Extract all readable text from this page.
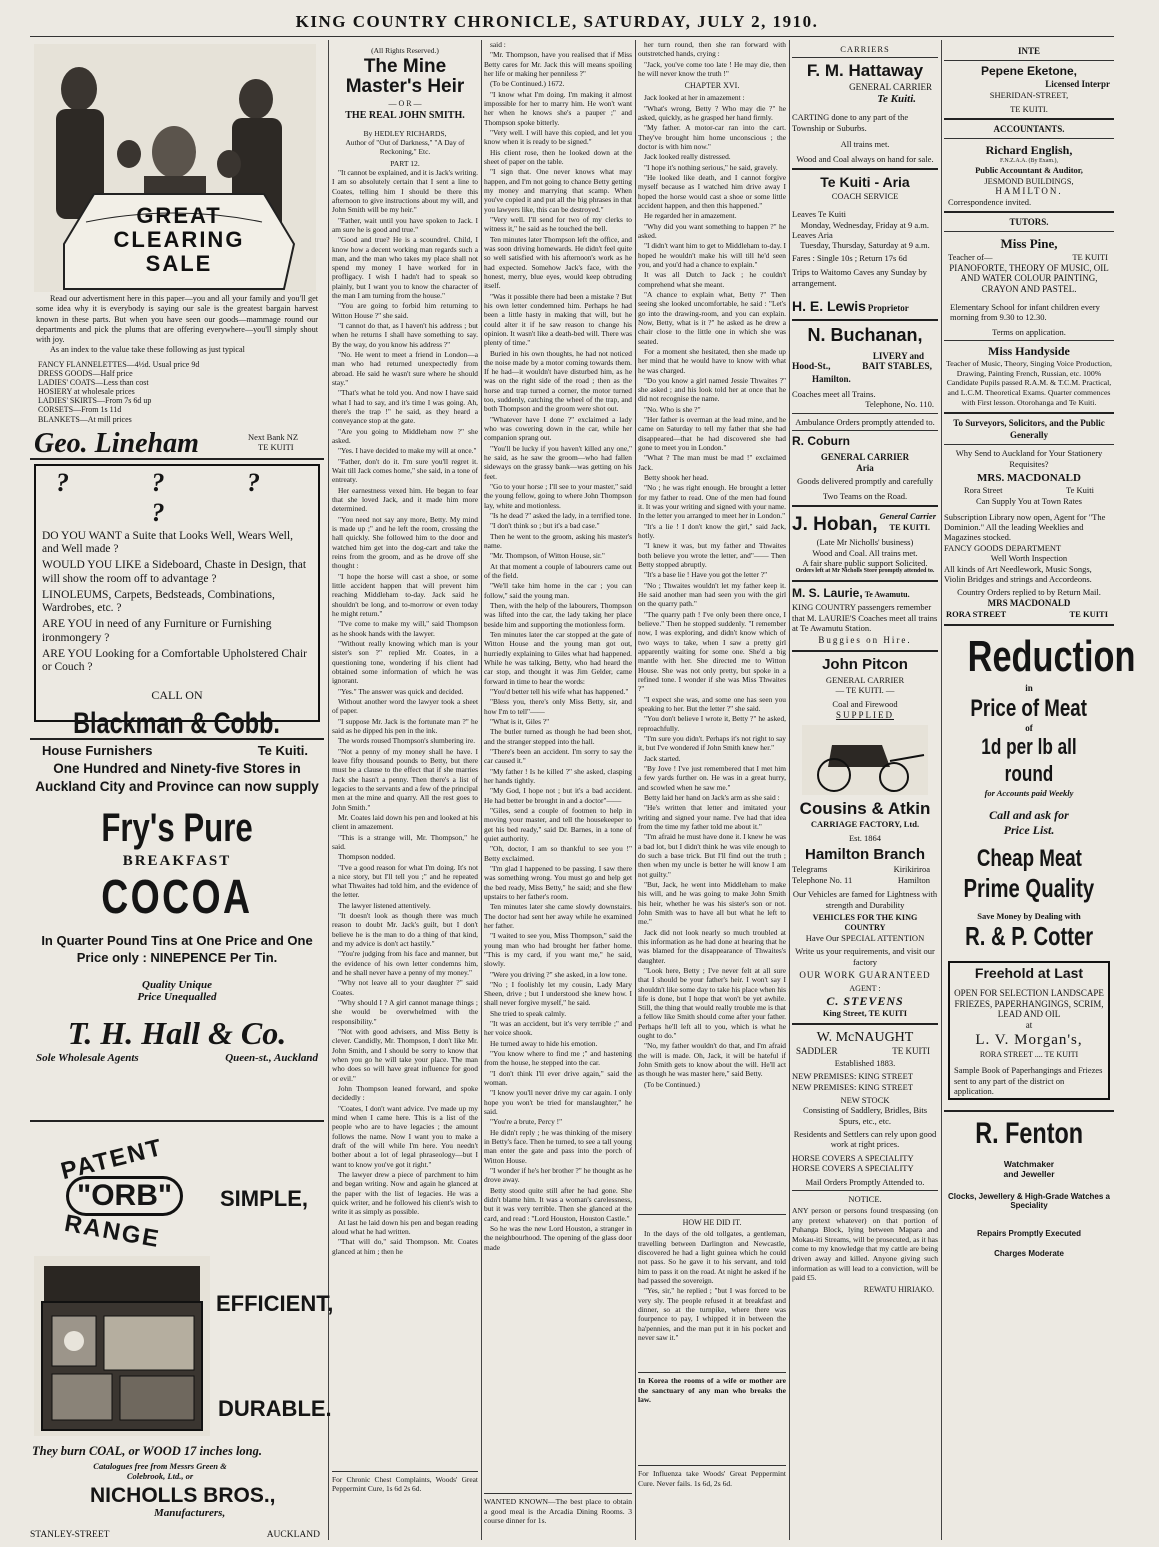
KING COUNTRY CHRONICLE, SATURDAY, JULY 2, 1910.
GREAT CLEARING SALE
Read our advertisment here in this paper—you and all your family and you'll get some idea why it is everybody is saying our sale is the greatest bargain harvest known in these parts. But when you have seen our goods—mammage round our departments and pick the plums that are offering everywhere—you'll simply shout with joy.
As an index to the value take these following as just typical
FANCY FLANNELETTES—4½d. Usual price 9d
DRESS GOODS—Half price
LADIES' COATS—Less than cost
HOSIERY at wholesale prices
LADIES' SKIRTS—From 7s 6d up
CORSETS—From 1s 11d
BLANKETS—At mill prices
Geo. Lineham	Next Bank NZ
TE KUITI
? ? ? ?
DO YOU WANT a Suite that Looks Well, Wears Well, and Well made ?
WOULD YOU LIKE a Sideboard, Chaste in Design, that will show the room off to advantage ?
LINOLEUMS, Carpets, Bedsteads, Combinations, Wardrobes, etc. ?
ARE YOU in need of any Furniture or Furnishing ironmongery ?
ARE YOU Looking for a Comfortable Upholstered Chair or Couch ?
CALL ON
Blackman & Cobb.
House Furnishers	Te Kuiti.
One Hundred and Ninety-five Stores in Auckland City and Province can now supply
Fry's Pure
BREAKFAST
COCOA
In Quarter Pound Tins at One Price and One Price only : NINEPENCE Per Tin.
Quality Unique
Price Unequalled
T. H. Hall & Co.
Sole Wholesale Agents	Queen-st., Auckland
PATENT
"ORB"
RANGE
SIMPLE,
EFFICIENT,
DURABLE.
They burn COAL, or WOOD 17 inches long.
Catalogues free from Messrs Green & Colebrook, Ltd., or
NICHOLLS BROS.,
Manufacturers,
STANLEY-STREET	AUCKLAND
(All Rights Reserved.)
The Mine
Master's Heir
— O R —
THE REAL JOHN SMITH.
By HEDLEY RICHARDS,
Author of "Out of Darkness," "A Day of Reckoning," Etc.
PART 12.

"It cannot be explained, and it is Jack's writing. I am so absolutely certain that I sent a line to Coates, telling him I should be there this afternoon to give instructions about my will, and John Smith will be my heir."

"Father, wait until you have spoken to Jack. I am sure he is good and true."

"Good and true? He is a scoundrel. Child, I know how a decent working man regards such a man, and the man who takes my place shall not spend my money I have worked for in profligacy. I wish I hadn't had to speak so plainly, but I want you to know the character of the man I am turning from the house."

"You are going to forbid him returning to Witton House ?" she said.

"I cannot do that, as I haven't his address ; but when he returns I shall have something to say. By the way, do you know his address ?"

"No. He went to meet a friend in London—a man who had returned unexpectedly from abroad. He said he wasn't sure where he should stay."

"That's what he told you. And now I have said what I had to say, and it's time I was going. Ah, there's the trap !" he said, as they heard a conveyance stop at the gate.

"Are you going to Middleham now ?" she asked.

"Yes. I have decided to make my will at once."

"Father, don't do it. I'm sure you'll regret it. Wait till Jack comes home," she said, in a tone of entreaty.

Her earnestness vexed him. He began to fear that she loved Jack, and it made him more determined.

"You need not say any more, Betty. My mind is made up ;" and he left the room, crossing the hall quickly. She followed him to the door and watched him get into the dog-cart and take the reins from the groom, and as he drove off she thought :

"I hope the horse will cast a shoe, or some little accident happen that will prevent him reaching Middleham to-day. Jack said he shouldn't be long, and to-morrow or even today he might return."

"I've come to make my will," said Thompson as he shook hands with the lawyer.

"Without really knowing which man is your sister's son ?" replied Mr. Coates, in a questioning tone, wondering if his client had obtained some information of which he was ignorant.

"Yes." The answer was quick and decided.

Without another word the lawyer took a sheet of paper.

"I suppose Mr. Jack is the fortunate man ?" he said as he dipped his pen in the ink.

The words roused Thompson's slumbering ire.

"Not a penny of my money shall he have. I leave fifty thousand pounds to Betty, but there must be a clause to the effect that if she marries Jack she hasn't a penny. Then there's a list of legacies to the servants and a few of the principal men at the mine and quarry. All the rest goes to John Smith."

Mr. Coates laid down his pen and looked at his client in amazement.

"This is a strange will, Mr. Thompson," he said.

Thompson nodded.

"I've a good reason for what I'm doing. It's not a nice story, but I'll tell you ;" and he repeated what Thwaites had told him, and the evidence of the letter.

The lawyer listened attentively.

"It doesn't look as though there was much reason to doubt Mr. Jack's guilt, but I don't believe he is the man to do a thing of that kind, and my advice is don't act hastily."

"You're judging from his face and manner, but the evidence of his own letter condemns him, and he shall never have a penny of my money."

"Why not leave all to your daughter ?" said Coates.

"Why should I ? A girl cannot manage things ; she would be overwhelmed with the responsibility."

"Not with good advisers, and Miss Betty is clever. Candidly, Mr. Thompson, I don't like Mr. John Smith, and I should be sorry to know that when you go he will take your place. The man who does so will have great influence for good or evil."

John Thompson leaned forward, and spoke decidedly :

"Coates, I don't want advice. I've made up my mind when I came here. This is a list of the people who are to have legacies ; the amount follows the name. Now I want you to make a draft of the will while I'm here. You needn't bother about a lot of legal phraseology—but I want to know you've got it right."

The lawyer drew a piece of parchment to him and began writing. Now and again he glanced at the paper with the list of legacies. He was a quick writer, and he followed his client's wish to write it as simply as possible.

At last he laid down his pen and began reading aloud what he had written.

"That will do," said Thompson. Mr. Coates glanced at him ; then he

For Chronic Chest Complaints, Woods' Great Peppermint Cure, 1s 6d 2s 6d.

said :

"Mr. Thompson, have you realised that if Miss Betty cares for Mr. Jack this will means spoiling her life or making her penniless ?"

(To be Continued.) 1672.

"I know what I'm doing. I'm making it almost impossible for her to marry him. He won't want her when he knows she's a pauper ;" and Thompson spoke bitterly.

"Very well. I will have this copied, and let you know when it is ready to be signed."

His client rose, then he looked down at the sheet of paper on the table.

"I sign that. One never knows what may happen, and I'm not going to chance Betty getting my money and marrying that scamp. When you've copied it and put all the big phrases in that you lawyers like, this can be destroyed."

"Very well. I'll send for two of my clerks to witness it," he said as he touched the bell.

Ten minutes later Thompson left the office, and was soon driving homewards. He didn't feel quite so well satisfied with his afternoon's work as he had expected. Somehow Jack's face, with the honest, merry, blue eyes, would keep obtruding itself.

"Was it possible there had been a mistake ? But his own letter condemned him. Perhaps he had been a little hasty in making that will, but he could alter it if he saw reason to change his opinion. It wasn't like a death-bed will. There was plenty of time."

Buried in his own thoughts, he had not noticed the noise made by a motor coming towards them. If he had—it wouldn't have disturbed him, as he was on the right side of the road ; then as the horse and trap turned a corner, the motor turned too, suddenly, catching the wheel of the trap, and both Thompson and the groom were shot out.

"Whatever have I done ?" exclaimed a lady who was cowering down in the car, while her companion sprang out.

"You'll be lucky if you haven't killed any one," he said, as he saw the groom—who had fallen sideways on the grassy bank—was getting on his feet.

"Go to your horse ; I'll see to your master," said the young fellow, going to where John Thompson lay, white and motionless.

"Is he dead ?" asked the lady, in a terrified tone.

"I don't think so ; but it's a bad case."

Then he went to the groom, asking his master's name.

"Mr. Thompson, of Witton House, sir."

At that moment a couple of labourers came out of the field.

"We'll take him home in the car ; you can follow," said the young man.

Then, with the help of the labourers, Thompson was lifted into the car, the lady taking her place beside him and supporting the motionless form.

Ten minutes later the car stopped at the gate of Witton House and the young man got out, hurriedly explaining to Giles what had happened. While he was talking, Betty, who had heard the car stop, and thought it was Jim Gelder, came forward in time to hear the words:

"You'd better tell his wife what has happened."

"Bless you, there's only Miss Betty, sir, and how I'm to tell"——

"What is it, Giles ?"

The butler turned as though he had been shot, and the stranger stepped into the hall.

"There's been an accident. I'm sorry to say the car caused it."

"My father ! Is he killed ?" she asked, clasping her hands tightly.

"My God, I hope not ; but it's a bad accident. He had better be brought in and a doctor"——

"Giles, send a couple of footmen to help in moving your master, and tell the housekeeper to get his bed ready," said Dr. Barnes, in a tone of quiet authority.

"Oh, doctor, I am so thankful to see you !" Betty exclaimed.

"I'm glad I happened to be passing. I saw there was something wrong. You must go and help get the bed ready, Miss Betty," he said; and she flew upstairs to her father's room.

Ten minutes later she came slowly downstairs. The doctor had sent her away while he examined her father.

"I waited to see you, Miss Thompson," said the young man who had brought her father home. "This is my card, if you want me," he said, slowly.

"Were you driving ?" she asked, in a low tone.

"No ; I foolishly let my cousin, Lady Mary Sheen, drive ; but I understood she knew how. I shall never forgive myself," he said.

She tried to speak calmly.

"It was an accident, but it's very terrible ;" and her voice shook.

He turned away to hide his emotion.

"You know where to find me ;" and hastening from the house, he stepped into the car.

"I don't think I'll ever drive again," said the woman.

"I know you'll never drive my car again. I only hope you won't be tried for manslaughter," he said.

"You're a brute, Percy !"

He didn't reply ; he was thinking of the misery in Betty's face. Then he turned, to see a tall young man enter the gate and pass into the porch of Witton House.

"I wonder if he's her brother ?" he thought as he drove away.

Betty stood quite still after he had gone. She didn't blame him. It was a woman's carelessness, but it was very terrible. Then she glanced at the card, and read : "Lord Houston, Houston Castle."

So he was the new Lord Houston, a stranger in the neighbourhood. The opening of the glass door made

WANTED KNOWN—The best place to obtain a good meal is the Arcadia Dining Rooms. 3 course dinner for 1s.

her turn round, then she ran forward with outstretched hands, crying :

"Jack, you've come too late ! He may die, then he will never know the truth !"

CHAPTER XVI.

Jack looked at her in amazement :

"What's wrong, Betty ? Who may die ?" he asked, quickly, as he grasped her hand firmly.

"My father. A motor-car ran into the cart. They've brought him home unconscious ; the doctor is with him now."

Jack looked really distressed.

"I hope it's nothing serious," he said, gravely.

"He looked like death, and I cannot forgive myself because as I watched him drive away I hoped the horse would cast a shoe or some little accident happen, and then this happened."

He regarded her in amazement.

"Why did you want something to happen ?" he asked.

"I didn't want him to get to Middleham to-day. I hoped he wouldn't make his will till he'd seen you, and you'd had a chance to explain."

It was all Dutch to Jack ; he couldn't comprehend what she meant.

"A chance to explain what, Betty ?" Then seeing she looked uncomfortable, he said : "Let's go into the drawing-room, and you can explain. Now, Betty, what is it ?" he asked as he drew a chair close to the little one in which she was seated.

For a moment she hesitated, then she made up her mind that he would have to know with what he was charged.

"Do you know a girl named Jessie Thwaites ?" she asked ; and his look told her at once that he did not recognise the name.

"No. Who is she ?"

"Her father is overman at the lead mine, and he came on Saturday to tell my father that she had disappeared—that he had discovered she had gone to meet you in London."

"What ? The man must be mad !" exclaimed Jack.

Betty shook her head.

"No ; he was right enough. He brought a letter for my father to read. One of the men had found it. It was your writing and signed with your name. In the letter you arranged to meet her in London."

"It's a lie ! I don't know the girl," said Jack, hotly.

"I knew it was, but my father and Thwaites both believe you wrote the letter, and"—— Then Betty stopped abruptly.

"It's a base lie ! Have you got the letter ?"

"No ; Thwaites wouldn't let my father keep it. He said another man had seen you with the girl on the quarry path."

"The quarry path ! I've only been there once, I believe." Then he stopped suddenly. "I remember now, I was exploring, and didn't know which of two ways to take, when I saw a pretty girl apparently waiting for some one. She'd a big mantle with her. She directed me to Witton House. She was not only pretty, but spoke in a refined tone. I wonder if she was Miss Thwaites ?"

"I expect she was, and some one has seen you speaking to her. But the letter ?" she said.

"You don't believe I wrote it, Betty ?" he asked, reproachfully.

"I'm sure you didn't. Perhaps it's not right to say it, but I've wondered if John Smith knew her."

Jack started.

"By Jove ! I've just remembered that I met him a few yards further on. He was in a great hurry, and scowled when he saw me."

Betty laid her hand on Jack's arm as she said :

"He's written that letter and imitated your writing and signed your name. I've had that idea from the time my father told me about it."

"I'm afraid he must have done it. I knew he was a bad lot, but I didn't think he was vile enough to do such a base trick. But I'll find out the truth ; then when my uncle is better he will know I am not guilty."

"But, Jack, he went into Middleham to make his will, and he was going to make John Smith his heir, whether he was his sister's son or not. John Smith was to have all but what he left to me."

Jack did not look nearly so much troubled at this information as he had done at hearing that he was blamed for the disappearance of Thwaites's daughter.

"Look here, Betty ; I've never felt at all sure that I should be your father's heir. I won't say I shouldn't like some day to take his place when his life is done, but I hope that won't be yet awhile. Still, the thing that would really trouble me is that a fellow like Smith should come after your father. Perhaps he'll left all to you, which is what he ought to do."

"No, my father wouldn't do that, and I'm afraid the will is made. Oh, Jack, it will be hateful if John Smith gets to know about the will. He'll act as though he was master here," said Betty.

(To be Continued.)

HOW HE DID IT.

In the days of the old tollgates, a gentleman, travelling between Darlington and Newcastle, discovered he had a light guinea which he could not pass. So he gave it to his servant, and told him to pass it on the road. At night he asked if he had passed the sovereign.

"Yes, sir," he replied ; "but I was forced to be very sly. The people refused it at breakfast and dinner, so at the turnpike, where there was fourpence to pay, I whipped it in between the ha'pennies, and the man put it in his pocket and never saw it."

In Korea the rooms of a wife or mother are the sanctuary of any man who breaks the law.
For Influenza take Woods' Great Peppermint Cure. Never fails. 1s 6d, 2s 6d.
CARRIERS
F. M. Hattaway
GENERAL CARRIER
Te Kuiti.
CARTING done to any part of the Township or Suburbs.
All trains met.
Wood and Coal always on hand for sale.
Te Kuiti - Aria
COACH SERVICE
Leaves Te Kuiti
Monday, Wednesday, Friday at 9 a.m.
Leaves Aria
Tuesday, Thursday, Saturday at 9 a.m.
Fares : Single 10s ; Return 17s 6d
Trips to Waitomo Caves any Sunday by arrangement.
H. E. Lewis Proprietor
N. Buchanan,
LIVERY and
Hood-St.,	BAIT STABLES,
Hamilton.
Coaches meet all Trains.
Telephone, No. 110.
Ambulance Orders promptly attended to.
R. Coburn
GENERAL CARRIER
Aria
Goods delivered promptly and carefully
Two Teams on the Road.
J. Hoban, General Carrier
TE KUITI.
(Late Mr Nicholls' business)
Wood and Coal. All trains met.
A fair share public support Solicited.
Orders left at Mr Nicholls Store promptly attended to.
M. S. Laurie, Te Awamutu.
KING COUNTRY passengers remember that M. LAURIE'S Coaches meet all trains at Te Awamutu Station.
Buggies on Hire.
John Pitcon
GENERAL CARRIER
— TE KUITI. —
Coal and Firewood
SUPPLIED
Cousins & Atkin
CARRIAGE FACTORY, Ltd.
Est. 1864
Hamilton Branch
Telegrams	Kirikiriroa
Telephone No. 11	Hamilton
Our Vehicles are famed for Lightness with strength and Durability
VEHICLES FOR THE KING COUNTRY
Have Our SPECIAL ATTENTION
Write us your requirements, and visit our factory
OUR WORK GUARANTEED
AGENT :
C. STEVENS
King Street, TE KUITI
W. McNAUGHT
SADDLER	TE KUITI
Established 1883.
NEW PREMISES: KING STREET
NEW PREMISES: KING STREET
NEW STOCK
Consisting of Saddlery, Bridles, Bits Spurs, etc., etc.
Residents and Settlers can rely upon good work at right prices.
HORSE COVERS A SPECIALITY
HORSE COVERS A SPECIALITY
Mail Orders Promptly Attended to.
NOTICE.
ANY person or persons found trespassing (on any pretext whatever) on that portion of Puhanga Block, lying between Mapara and Mokau-iti Streams, will be prosecuted, as it has come to my knowledge that my cattle are being driven away and killed. Anyone giving such information as will lead to a conviction, will be paid £5.
REWATU HIRIAKO.
INTE
Pepene Eketone,
Licensed Interpr
SHERIDAN-STREET,
TE KUITI.
ACCOUNTANTS.
Richard English,
F.N.Z.A.A. (By Exam.),
Public Accountant & Auditor,
JESMOND BUILDINGS,
HAMILTON.
Correspondence invited.
TUTORS.
Miss Pine,
Teacher of—	TE KUITI
PIANOFORTE, THEORY OF MUSIC, OIL AND WATER COLOUR PAINTING, CRAYON AND PASTEL.
Elementary School for infant children every morning from 9.30 to 12.30.
Terms on application.
Miss Handyside
Teacher of Music, Theory, Singing Voice Production, Drawing, Painting French, Russian, etc. 100% Candidate Pupils passed R.A.M. & T.C.M. Practical, and L.C.M. Theoretical Exams. Quarter commences with First lesson. Otorohanga and Te Kuiti.
To Surveyors, Solicitors, and the Public Generally
Why Send to Auckland for Your Stationery Requisites?
MRS. MACDONALD
Rora Street	Te Kuiti
Can Supply You at Town Rates
Subscription Library now open, Agent for "The Dominion." All the leading Weeklies and Magazines stocked.
FANCY GOODS DEPARTMENT
Well Worth Inspection
All kinds of Art Needlework, Music Songs, Violin Bridges and strings and Accordeons.
Country Orders replied to by Return Mail.
MRS MACDONALD
RORA STREET	TE KUITI
Reduction
in
Price of Meat
of
1d per lb all round
for Accounts paid Weekly
Call and ask for
Price List.
Cheap Meat
Prime Quality
Save Money by Dealing with
R. & P. Cotter
Freehold at Last
OPEN FOR SELECTION LANDSCAPE FRIEZES, PAPERHANGINGS, SCRIM, LEAD AND OIL
at
L. V. Morgan's,
RORA STREET .... TE KUITI
Sample Book of Paperhangings and Friezes sent to any part of the district on application.
R. Fenton
Watchmaker
and Jeweller
Clocks, Jewellery & High-Grade Watches a Speciality
Repairs Promptly Executed
Charges Moderate
